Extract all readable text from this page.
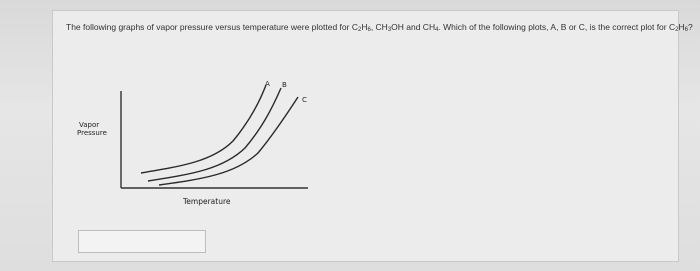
The following graphs of vapor pressure versus temperature were plotted for $C_2H_6$, $CH_3OH$ and $CH_4$. Which of the following plots, A, B or C, is the correct plot for $C_2H_6$?
Vapor
Pressure
Temperature
A B
C
